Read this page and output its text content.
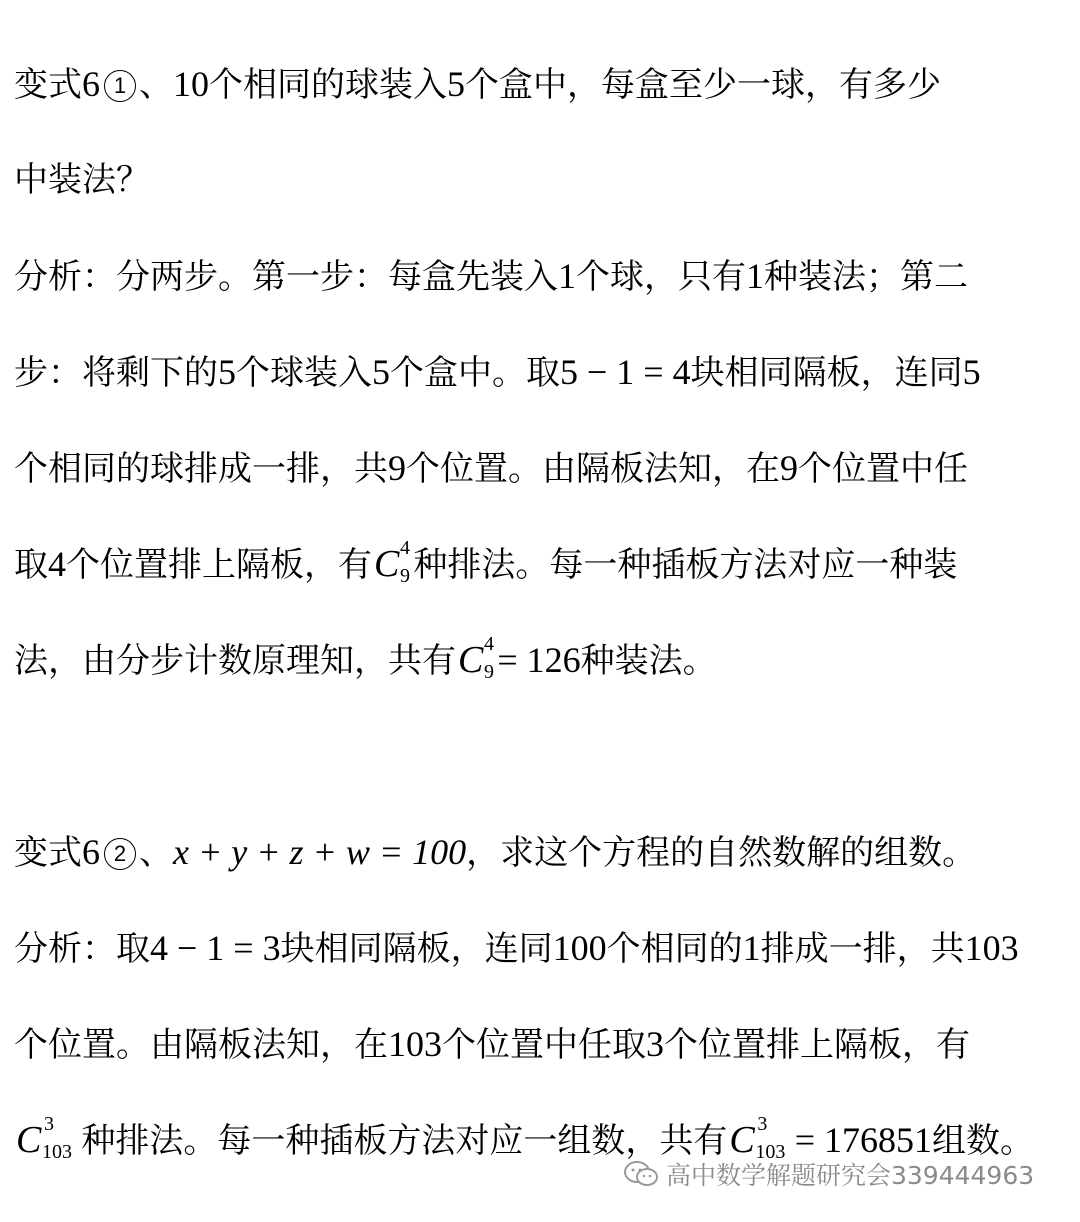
变式6 1 、10个相同的球装入5个盒中，每盒至少一球，有多少
中装法？
分析：分两步。第一步：每盒先装入1个球，只有1种装法；第二
步：将剩下的5个球装入5个盒中。取5 − 1 = 4块相同隔板，连同5
个相同的球排成一排，共9个位置。由隔板法知，在9个位置中任
取4个位置排上隔板，有C 4
9 种排法。每一种插板方法对应一种装
法，由分步计数原理知，共有C 4
9 = 126种装法。
变式6 2 、x + y + z + w = 100，求这个方程的自然数解的组数。
分析：取4 − 1 = 3块相同隔板，连同100个相同的1排成一排，共103
个位置。由隔板法知，在103个位置中任取3个位置排上隔板，有
C 3
103 种排法。每一种插板方法对应一组数，共有C 3
103 = 176851组数。
高中数学解题研究会339444963
